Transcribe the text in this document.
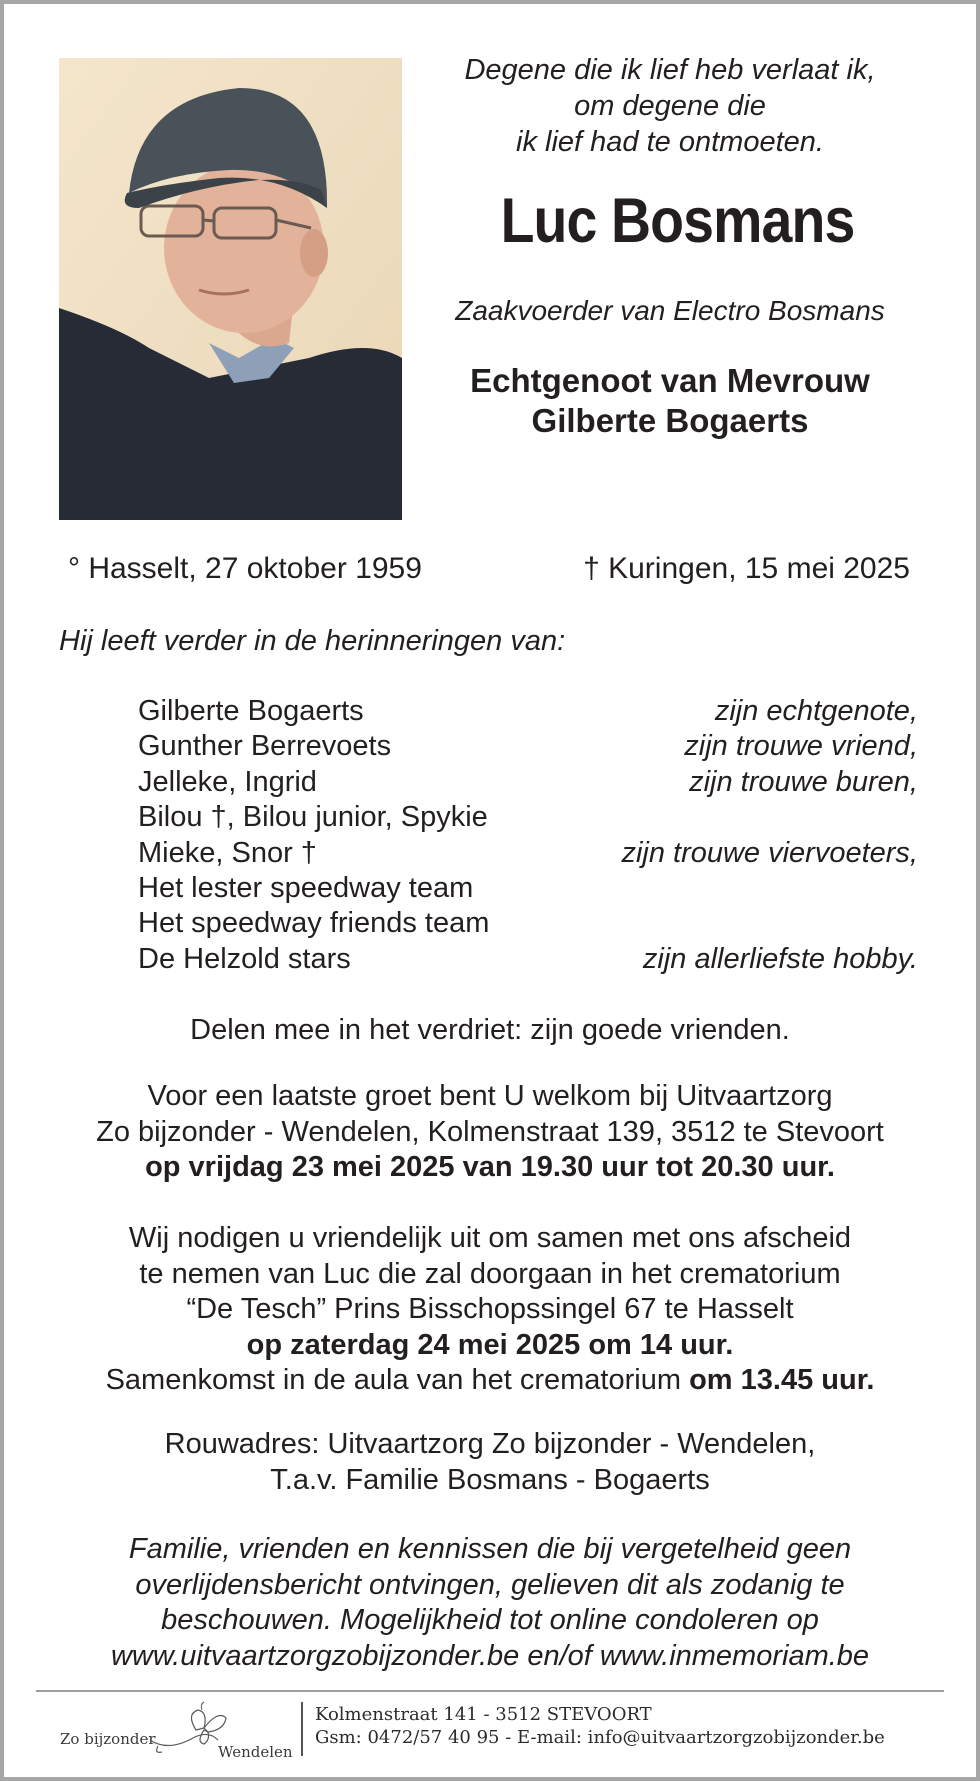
Degene die ik lief heb verlaat ik,
om degene die
ik lief had te ontmoeten.
Luc Bosmans
Zaakvoerder van Electro Bosmans
Echtgenoot van Mevrouw
Gilberte Bogaerts
° Hasselt, 27 oktober 1959	† Kuringen, 15 mei 2025
Hij leeft verder in de herinneringen van:
Gilberte Bogaerts	zijn echtgenote,
Gunther Berrevoets	zijn trouwe vriend,
Jelleke, Ingrid	zijn trouwe buren,
Bilou †, Bilou junior, Spykie
Mieke, Snor †	zijn trouwe viervoeters,
Het lester speedway team
Het speedway friends team
De Helzold stars	zijn allerliefste hobby.
Delen mee in het verdriet: zijn goede vrienden.
Voor een laatste groet bent U welkom bij Uitvaartzorg
Zo bijzonder - Wendelen, Kolmenstraat 139, 3512 te Stevoort
op vrijdag 23 mei 2025 van 19.30 uur tot 20.30 uur.
Wij nodigen u vriendelijk uit om samen met ons afscheid
te nemen van Luc die zal doorgaan in het crematorium
“De Tesch” Prins Bisschopssingel 67 te Hasselt
op zaterdag 24 mei 2025 om 14 uur.
Samenkomst in de aula van het crematorium om 13.45 uur.
Rouwadres: Uitvaartzorg Zo bijzonder - Wendelen,
T.a.v. Familie Bosmans - Bogaerts
Familie, vrienden en kennissen die bij vergetelheid geen
overlijdensbericht ontvingen, gelieven dit als zodanig te
beschouwen. Mogelijkheid tot online condoleren op
www.uitvaartzorgzobijzonder.be en/of www.inmemoriam.be
Zo bijzonder
Wendelen
Kolmenstraat 141 - 3512 STEVOORT
Gsm: 0472/57 40 95 - E-mail: info@uitvaartzorgzobijzonder.be
